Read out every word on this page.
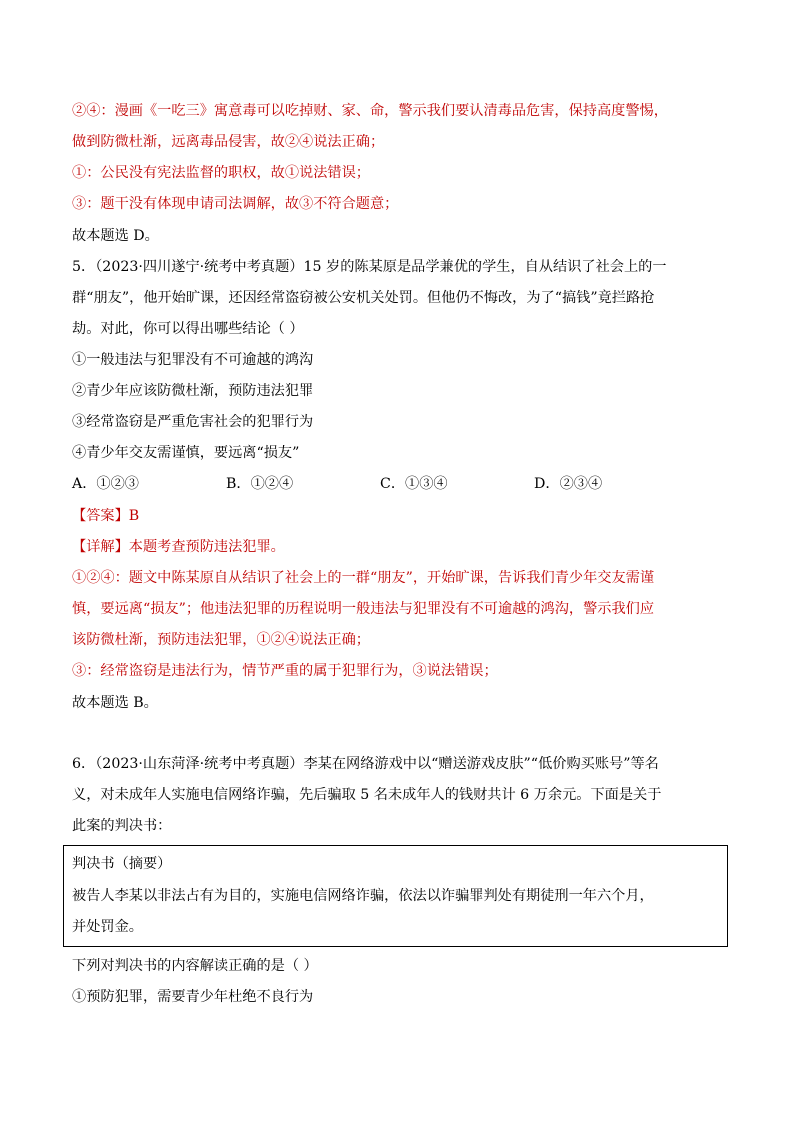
②④：漫画《一吃三》寓意毒可以吃掉财、家、命，警示我们要认清毒品危害，保持高度警惕，
做到防微杜渐，远离毒品侵害，故②④说法正确；
①：公民没有宪法监督的职权，故①说法错误；
③：题干没有体现申请司法调解，故③不符合题意；
故本题选 D。
5．（2023·四川遂宁·统考中考真题）15 岁的陈某原是品学兼优的学生，自从结识了社会上的一
群“朋友”，他开始旷课，还因经常盗窃被公安机关处罚。但他仍不悔改，为了“搞钱”竟拦路抢
劫。对此，你可以得出哪些结论（ ）
①一般违法与犯罪没有不可逾越的鸿沟
②青少年应该防微杜渐，预防违法犯罪
③经常盗窃是严重危害社会的犯罪行为
④青少年交友需谨慎，要远离“损友”
A．①②③	B．①②④	C．①③④	D．②③④
【答案】B
【详解】本题考查预防违法犯罪。
①②④：题文中陈某原自从结识了社会上的一群“朋友”，开始旷课，告诉我们青少年交友需谨
慎，要远离“损友”；他违法犯罪的历程说明一般违法与犯罪没有不可逾越的鸿沟，警示我们应
该防微杜渐，预防违法犯罪，①②④说法正确；
③：经常盗窃是违法行为，情节严重的属于犯罪行为，③说法错误；
故本题选 B。
6．（2023·山东菏泽·统考中考真题）李某在网络游戏中以“赠送游戏皮肤”“低价购买账号”等名
义，对未成年人实施电信网络诈骗，先后骗取 5 名未成年人的钱财共计 6 万余元。下面是关于
此案的判决书：
判决书（摘要）
被告人李某以非法占有为目的，实施电信网络诈骗，依法以诈骗罪判处有期徒刑一年六个月，
并处罚金。
下列对判决书的内容解读正确的是（ ）
①预防犯罪，需要青少年杜绝不良行为
